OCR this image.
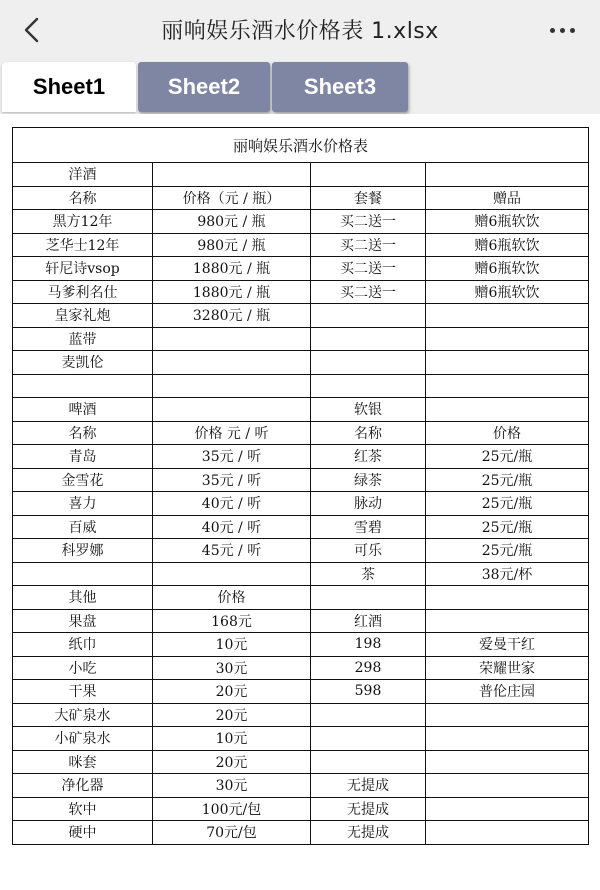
丽响娱乐酒水价格表 1.xlsx
Sheet1	Sheet2	Sheet3
丽响娱乐酒水价格表			
洋酒			
名称	价格（元 / 瓶）	套餐	赠品
黑方12年	980元 / 瓶	买二送一	赠6瓶软饮
芝华士12年	980元 / 瓶	买二送一	赠6瓶软饮
轩尼诗vsop	1880元 / 瓶	买二送一	赠6瓶软饮
马爹利名仕	1880元 / 瓶	买二送一	赠6瓶软饮
皇家礼炮	3280元 / 瓶		
蓝带			
麦凯伦			

啤酒		软银	
名称	价格 元 / 听	名称	价格
青岛	35元 / 听	红茶	25元/瓶
金雪花	35元 / 听	绿茶	25元/瓶
喜力	40元 / 听	脉动	25元/瓶
百威	40元 / 听	雪碧	25元/瓶
科罗娜	45元 / 听	可乐	25元/瓶
		茶	38元/杯
其他	价格		
果盘	168元	红酒	
纸巾	10元	198	爱曼干红
小吃	30元	298	荣耀世家
干果	20元	598	普伦庄园
大矿泉水	20元		
小矿泉水	10元		
咪套	20元		
净化器	30元	无提成	
软中	100元/包	无提成	
硬中	70元/包	无提成	
